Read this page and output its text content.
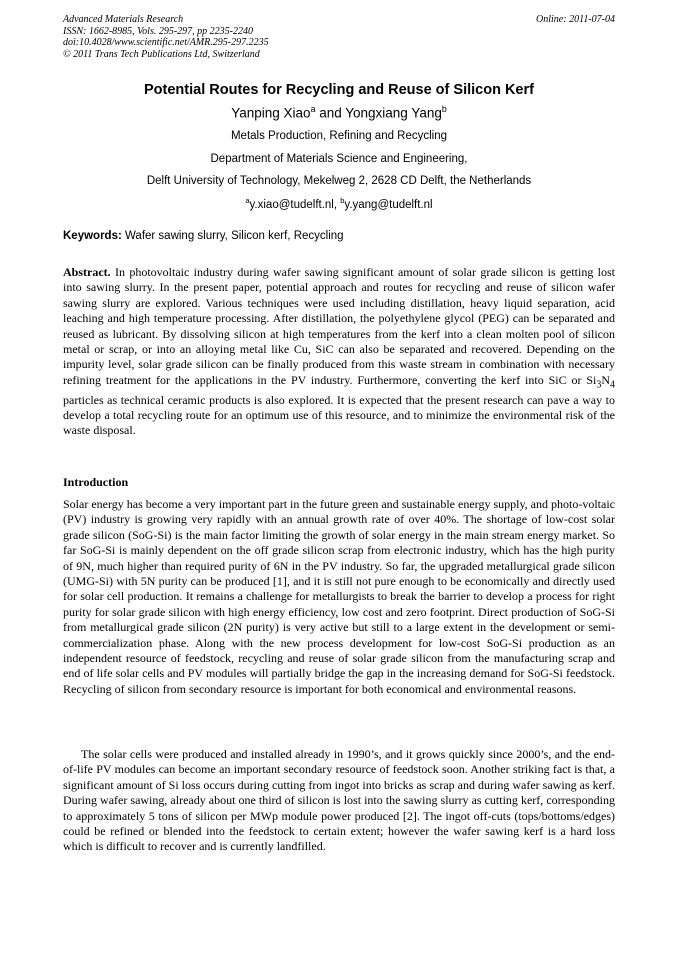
Advanced Materials Research
ISSN: 1662-8985, Vols. 295-297, pp 2235-2240
doi:10.4028/www.scientific.net/AMR.295-297.2235
© 2011 Trans Tech Publications Ltd, Switzerland
Online: 2011-07-04
Potential Routes for Recycling and Reuse of Silicon Kerf
Yanping Xiao$^a$ and Yongxiang Yang$^b$
Metals Production, Refining and Recycling
Department of Materials Science and Engineering,
Delft University of Technology, Mekelweg 2, 2628 CD Delft, the Netherlands
$^a$y.xiao@tudelft.nl, $^b$y.yang@tudelft.nl
Keywords: Wafer sawing slurry, Silicon kerf, Recycling

Abstract. In photovoltaic industry during wafer sawing significant amount of solar grade silicon is getting lost into sawing slurry. In the present paper, potential approach and routes for recycling and reuse of silicon wafer sawing slurry are explored. Various techniques were used including distillation, heavy liquid separation, acid leaching and high temperature processing. After distillation, the polyethylene glycol (PEG) can be separated and reused as lubricant. By dissolving silicon at high temperatures from the kerf into a clean molten pool of silicon metal or scrap, or into an alloying metal like Cu, SiC can also be separated and recovered. Depending on the impurity level, solar grade silicon can be finally produced from this waste stream in combination with necessary refining treatment for the applications in the PV industry. Furthermore, converting the kerf into SiC or $Si_3N_4$ particles as technical ceramic products is also explored. It is expected that the present research can pave a way to develop a total recycling route for an optimum use of this resource, and to minimize the environmental risk of the waste disposal.

Introduction

Solar energy has become a very important part in the future green and sustainable energy supply, and photo-voltaic (PV) industry is growing very rapidly with an annual growth rate of over 40%. The shortage of low-cost solar grade silicon (SoG-Si) is the main factor limiting the growth of solar energy in the main stream energy market. So far SoG-Si is mainly dependent on the off grade silicon scrap from electronic industry, which has the high purity of 9N, much higher than required purity of 6N in the PV industry. So far, the upgraded metallurgical grade silicon (UMG-Si) with 5N purity can be produced [1], and it is still not pure enough to be economically and directly used for solar cell production. It remains a challenge for metallurgists to break the barrier to develop a process for right purity for solar grade silicon with high energy efficiency, low cost and zero footprint. Direct production of SoG-Si from metallurgical grade silicon (2N purity) is very active but still to a large extent in the development or semi-commercialization phase. Along with the new process development for low-cost SoG-Si production as an independent resource of feedstock, recycling and reuse of solar grade silicon from the manufacturing scrap and end of life solar cells and PV modules will partially bridge the gap in the increasing demand for SoG-Si feedstock. Recycling of silicon from secondary resource is important for both economical and environmental reasons.

The solar cells were produced and installed already in 1990’s, and it grows quickly since 2000’s, and the end-of-life PV modules can become an important secondary resource of feedstock soon. Another striking fact is that, a significant amount of Si loss occurs during cutting from ingot into bricks as scrap and during wafer sawing as kerf. During wafer sawing, already about one third of silicon is lost into the sawing slurry as cutting kerf, corresponding to approximately 5 tons of silicon per MWp module power produced [2]. The ingot off-cuts (tops/bottoms/edges) could be refined or blended into the feedstock to certain extent; however the wafer sawing kerf is a hard loss which is difficult to recover and is currently landfilled.
